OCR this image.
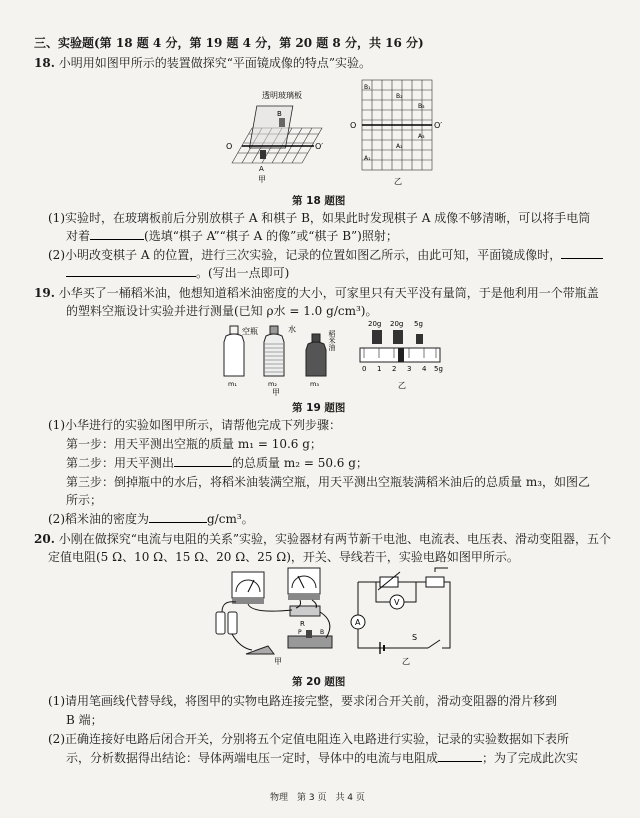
三、实验题(第 18 题 4 分，第 19 题 4 分，第 20 题 8 分，共 16 分)
18. 小明用如图甲所示的装置做探究“平面镜成像的特点”实验。
透明玻璃板
O	O′
B
A
甲
O	O′
B₁
B₂
B₃
A₁
A₂
A₃
乙
第 18 题图
(1)实验时，在玻璃板前后分别放棋子 A 和棋子 B，如果此时发现棋子 A 成像不够清晰，可以将手电筒
对着	(选填“棋子 A”“棋子 A 的像”或“棋子 B”)照射；
(2)小明改变棋子 A 的位置，进行三次实验，记录的位置如图乙所示，由此可知，平面镜成像时，
。(写出一点即可)
19. 小华买了一桶稻米油，他想知道稻米油密度的大小，可家里只有天平没有量筒，于是他利用一个带瓶盖
的塑料空瓶设计实验并进行测量(已知 ρ水 = 1.0 g/cm³)。
空瓶
m₁
水
m₂
甲
稻米油
m₃
20g 20g 5g
0 1 2 3 4 5g
乙
第 19 题图
(1)小华进行的实验如图甲所示，请帮他完成下列步骤：
第一步：用天平测出空瓶的质量 m₁ = 10.6 g；
第二步：用天平测出	的总质量 m₂ = 50.6 g；
第三步：倒掉瓶中的水后，将稻米油装满空瓶，用天平测出空瓶装满稻米油后的总质量 m₃，如图乙
所示；
(2)稻米油的密度为	g/cm³。
20. 小刚在做探究“电流与电阻的关系”实验，实验器材有两节新干电池、电流表、电压表、滑动变阻器，五个
定值电阻(5 Ω、10 Ω、15 Ω、20 Ω、25 Ω)，开关、导线若干，实验电路如图甲所示。
R
P	B
甲
V
A
S
乙
第 20 题图
(1)请用笔画线代替导线，将图甲的实物电路连接完整，要求闭合开关前，滑动变阻器的滑片移到
B 端；
(2)正确连接好电路后闭合开关，分别将五个定值电阻连入电路进行实验，记录的实验数据如下表所
示，分析数据得出结论：导体两端电压一定时，导体中的电流与电阻成	；为了完成此次实
物理　第 3 页　共 4 页
